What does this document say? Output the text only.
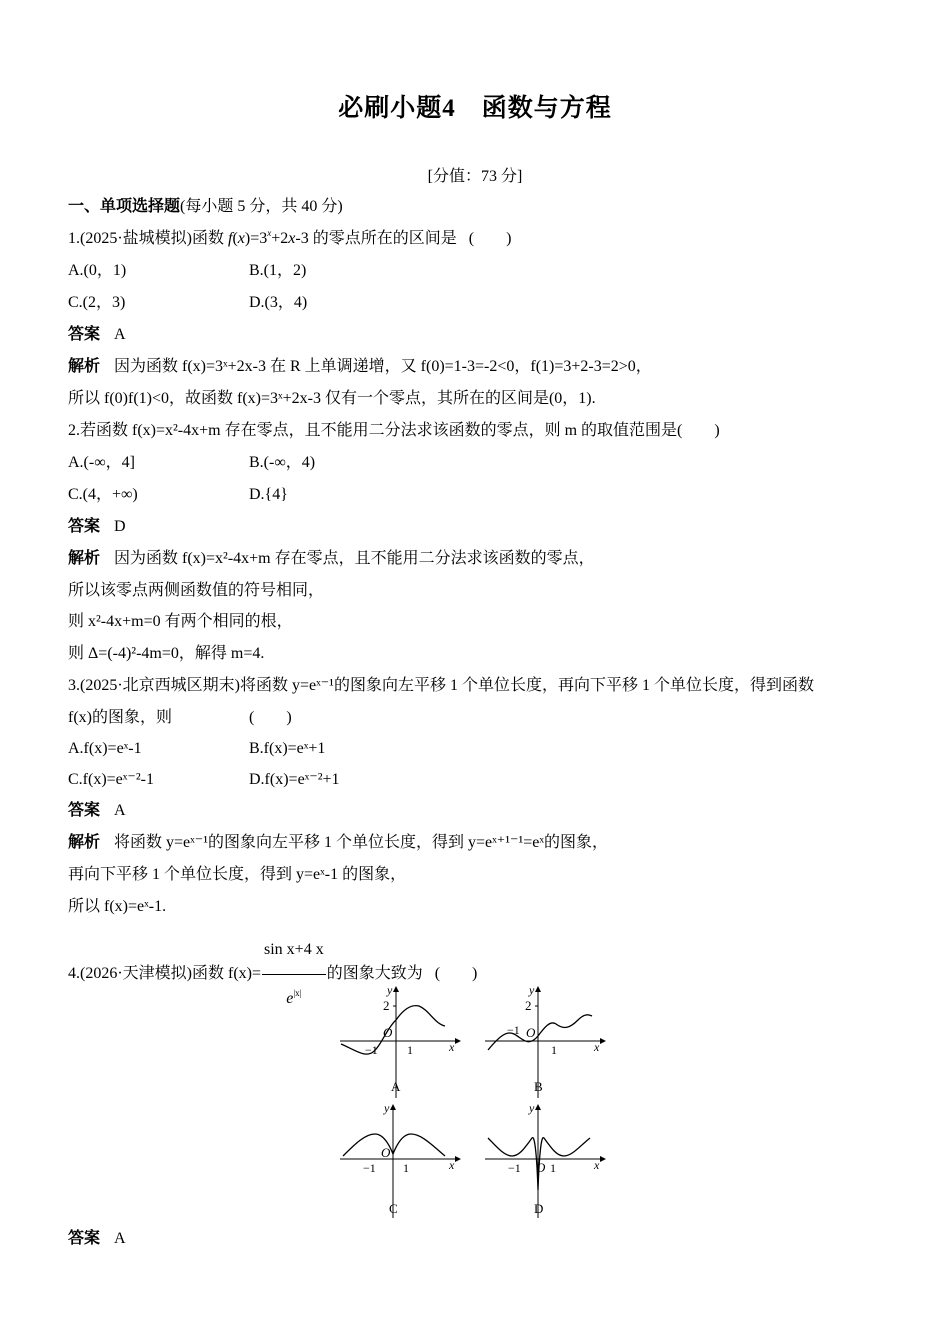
必刷小题4　函数与方程
[分值：73 分]
一、单项选择题(每小题 5 分，共 40 分)
1.(2025·盐城模拟)函数 $f(x)=3^x+2x-3$ 的零点所在的区间是 (　　)
A.(0，1)	B.(1，2)
C.(2，3)	D.(3，4)
答案 A
解析 因为函数 f(x)=3ˣ+2x-3 在 R 上单调递增，又 f(0)=1-3=-2<0，f(1)=3+2-3=2>0，
所以 f(0)f(1)<0，故函数 f(x)=3ˣ+2x-3 仅有一个零点，其所在的区间是(0，1).
2.若函数 f(x)=x²-4x+m 存在零点，且不能用二分法求该函数的零点，则 m 的取值范围是(　　)
A.(-∞，4]	B.(-∞，4)
C.(4，+∞)	D.{4}
答案 D
解析 因为函数 f(x)=x²-4x+m 存在零点，且不能用二分法求该函数的零点，
所以该零点两侧函数值的符号相同，
则 x²-4x+m=0 有两个相同的根，
则 Δ=(-4)²-4m=0，解得 m=4.
3.(2025·北京西城区期末)将函数 y=eˣ⁻¹的图象向左平移 1 个单位长度，再向下平移 1 个单位长度，得到函数
f(x)的图象，则	(　　)
A.f(x)=eˣ-1	B.f(x)=eˣ+1
C.f(x)=eˣ⁻²-1	D.f(x)=eˣ⁻²+1
答案 A
解析 将函数 y=eˣ⁻¹的图象向左平移 1 个单位长度，得到 y=eˣ⁺¹⁻¹=eˣ的图象，
再向下平移 1 个单位长度，得到 y=eˣ-1 的图象，
所以 f(x)=eˣ-1.
4.(2026·天津模拟)函数 $f(x)= \frac{\text{sin x+4 x}}{e^{|x|}}$ 的图象大致为 (　　)
2
y
x
O
−1 1
A
2
y
x
O
−1
1
B
y
x
O
−1 1
C
y
x
O
−1 1
D
答案 A
